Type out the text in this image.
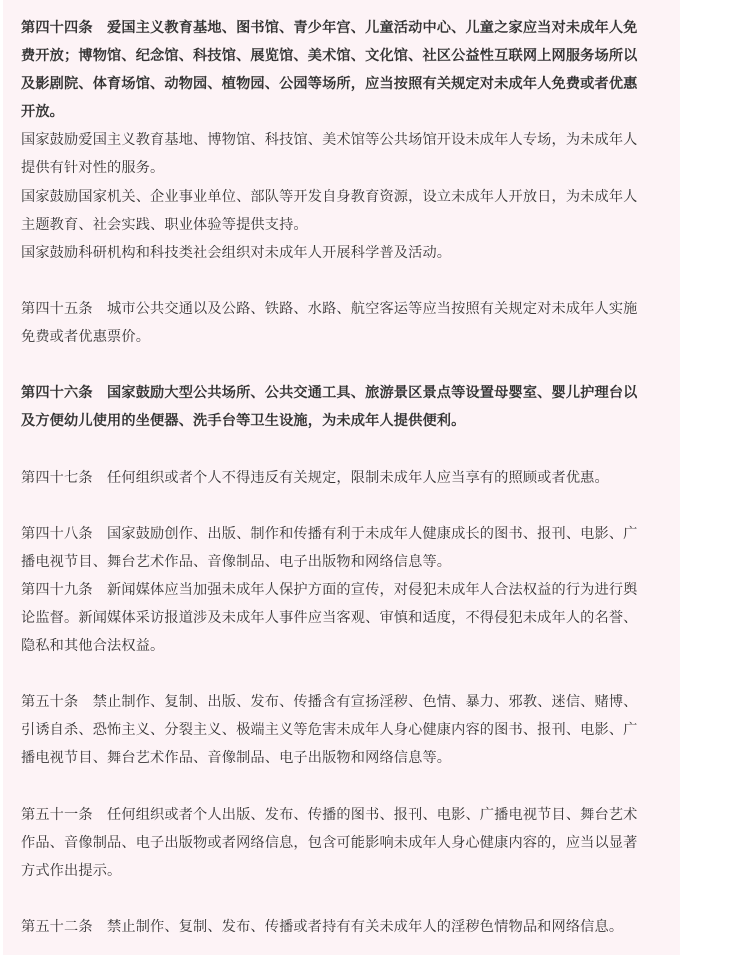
第四十四条　爱国主义教育基地、图书馆、青少年宫、儿童活动中心、儿童之家应当对未成年人免
费开放；博物馆、纪念馆、科技馆、展览馆、美术馆、文化馆、社区公益性互联网上网服务场所以
及影剧院、体育场馆、动物园、植物园、公园等场所，应当按照有关规定对未成年人免费或者优惠
开放。
国家鼓励爱国主义教育基地、博物馆、科技馆、美术馆等公共场馆开设未成年人专场，为未成年人
提供有针对性的服务。
国家鼓励国家机关、企业事业单位、部队等开发自身教育资源，设立未成年人开放日，为未成年人
主题教育、社会实践、职业体验等提供支持。
国家鼓励科研机构和科技类社会组织对未成年人开展科学普及活动。
第四十五条　城市公共交通以及公路、铁路、水路、航空客运等应当按照有关规定对未成年人实施
免费或者优惠票价。
第四十六条　国家鼓励大型公共场所、公共交通工具、旅游景区景点等设置母婴室、婴儿护理台以
及方便幼儿使用的坐便器、洗手台等卫生设施，为未成年人提供便利。
第四十七条　任何组织或者个人不得违反有关规定，限制未成年人应当享有的照顾或者优惠。
第四十八条　国家鼓励创作、出版、制作和传播有利于未成年人健康成长的图书、报刊、电影、广
播电视节目、舞台艺术作品、音像制品、电子出版物和网络信息等。
第四十九条　新闻媒体应当加强未成年人保护方面的宣传，对侵犯未成年人合法权益的行为进行舆
论监督。新闻媒体采访报道涉及未成年人事件应当客观、审慎和适度，不得侵犯未成年人的名誉、
隐私和其他合法权益。
第五十条　禁止制作、复制、出版、发布、传播含有宣扬淫秽、色情、暴力、邪教、迷信、赌博、
引诱自杀、恐怖主义、分裂主义、极端主义等危害未成年人身心健康内容的图书、报刊、电影、广
播电视节目、舞台艺术作品、音像制品、电子出版物和网络信息等。
第五十一条　任何组织或者个人出版、发布、传播的图书、报刊、电影、广播电视节目、舞台艺术
作品、音像制品、电子出版物或者网络信息，包含可能影响未成年人身心健康内容的，应当以显著
方式作出提示。
第五十二条　禁止制作、复制、发布、传播或者持有有关未成年人的淫秽色情物品和网络信息。
